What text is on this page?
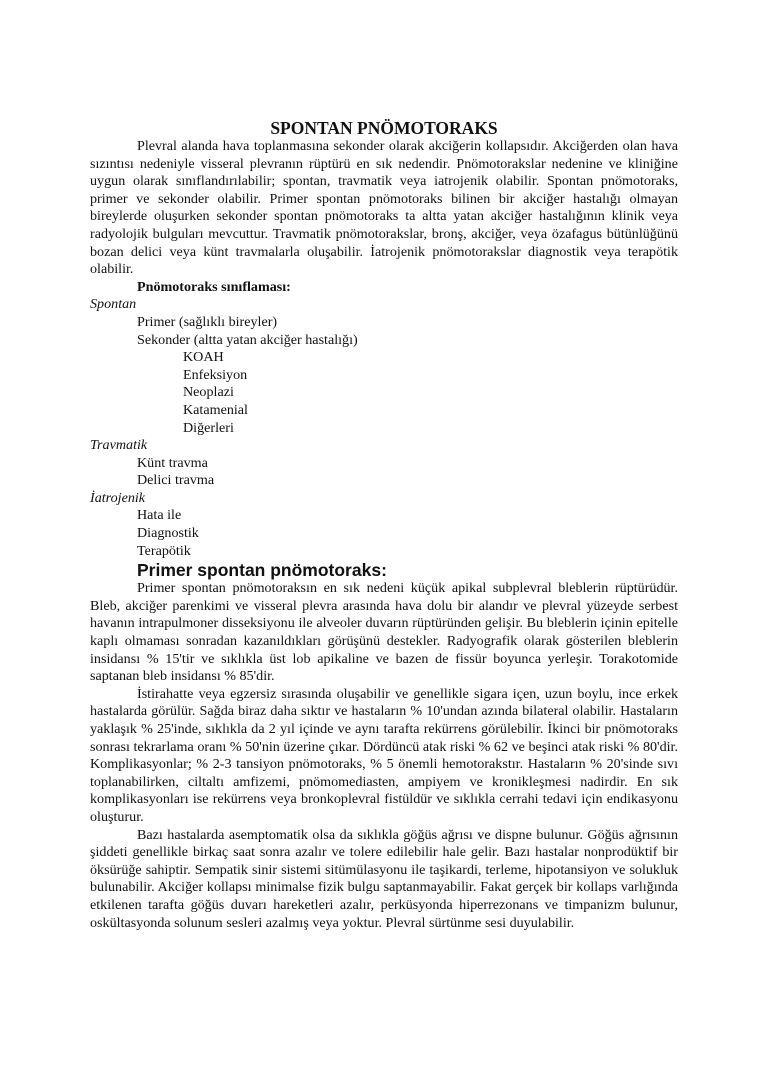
SPONTAN PNÖMOTORAKS

Plevral alanda hava toplanmasına sekonder olarak akciğerin kollapsıdır. Akciğerden olan hava sızıntısı nedeniyle visseral plevranın rüptürü en sık nedendir. Pnömotorakslar nedenine ve kliniğine uygun olarak sınıflandırılabilir; spontan, travmatik veya iatrojenik olabilir. Spontan pnömotoraks, primer ve sekonder olabilir. Primer spontan pnömotoraks bilinen bir akciğer hastalığı olmayan bireylerde oluşurken sekonder spontan pnömotoraks ta altta yatan akciğer hastalığının klinik veya radyolojik bulguları mevcuttur. Travmatik pnömotorakslar, bronş, akciğer, veya özafagus bütünlüğünü bozan delici veya künt travmalarla oluşabilir. İatrojenik pnömotorakslar diagnostik veya terapötik olabilir.

Pnömotoraks sınıflaması:
Spontan
Primer (sağlıklı bireyler)
Sekonder (altta yatan akciğer hastalığı)
KOAH
Enfeksiyon
Neoplazi
Katamenial
Diğerleri
Travmatik
Künt travma
Delici travma
İatrojenik
Hata ile
Diagnostik
Terapötik
Primer spontan pnömotoraks:

Primer spontan pnömotoraksın en sık nedeni küçük apikal subplevral bleblerin rüptürüdür. Bleb, akciğer parenkimi ve visseral plevra arasında hava dolu bir alandır ve plevral yüzeyde serbest havanın intrapulmoner disseksiyonu ile alveoler duvarın rüptüründen gelişir. Bu bleblerin içinin epitelle kaplı olmaması sonradan kazanıldıkları görüşünü destekler. Radyografik olarak gösterilen bleblerin insidansı % 15'tir ve sıklıkla üst lob apikaline ve bazen de fissür boyunca yerleşir. Torakotomide saptanan bleb insidansı % 85'dir.

İstirahatte veya egzersiz sırasında oluşabilir ve genellikle sigara içen, uzun boylu, ince erkek hastalarda görülür. Sağda biraz daha sıktır ve hastaların % 10'undan azında bilateral olabilir. Hastaların yaklaşık % 25'inde, sıklıkla da 2 yıl içinde ve aynı tarafta rekürrens görülebilir. İkinci bir pnömotoraks sonrası tekrarlama oranı % 50'nin üzerine çıkar. Dördüncü atak riski % 62 ve beşinci atak riski % 80'dir. Komplikasyonlar; % 2-3 tansiyon pnömotoraks, % 5 önemli hemotorakstır. Hastaların % 20'sinde sıvı toplanabilirken, ciltaltı amfizemi, pnömomediasten, ampiyem ve kronikleşmesi nadirdir. En sık komplikasyonları ise rekürrens veya bronkoplevral fistüldür ve sıklıkla cerrahi tedavi için endikasyonu oluşturur.

Bazı hastalarda asemptomatik olsa da sıklıkla göğüs ağrısı ve dispne bulunur. Göğüs ağrısının şiddeti genellikle birkaç saat sonra azalır ve tolere edilebilir hale gelir. Bazı hastalar nonprodüktif bir öksürüğe sahiptir. Sempatik sinir sistemi sitümülasyonu ile taşikardi, terleme, hipotansiyon ve solukluk bulunabilir. Akciğer kollapsı minimalse fizik bulgu saptanmayabilir. Fakat gerçek bir kollaps varlığında etkilenen tarafta göğüs duvarı hareketleri azalır, perküsyonda hiperrezonans ve timpanizm bulunur, oskültasyonda solunum sesleri azalmış veya yoktur. Plevral sürtünme sesi duyulabilir.
